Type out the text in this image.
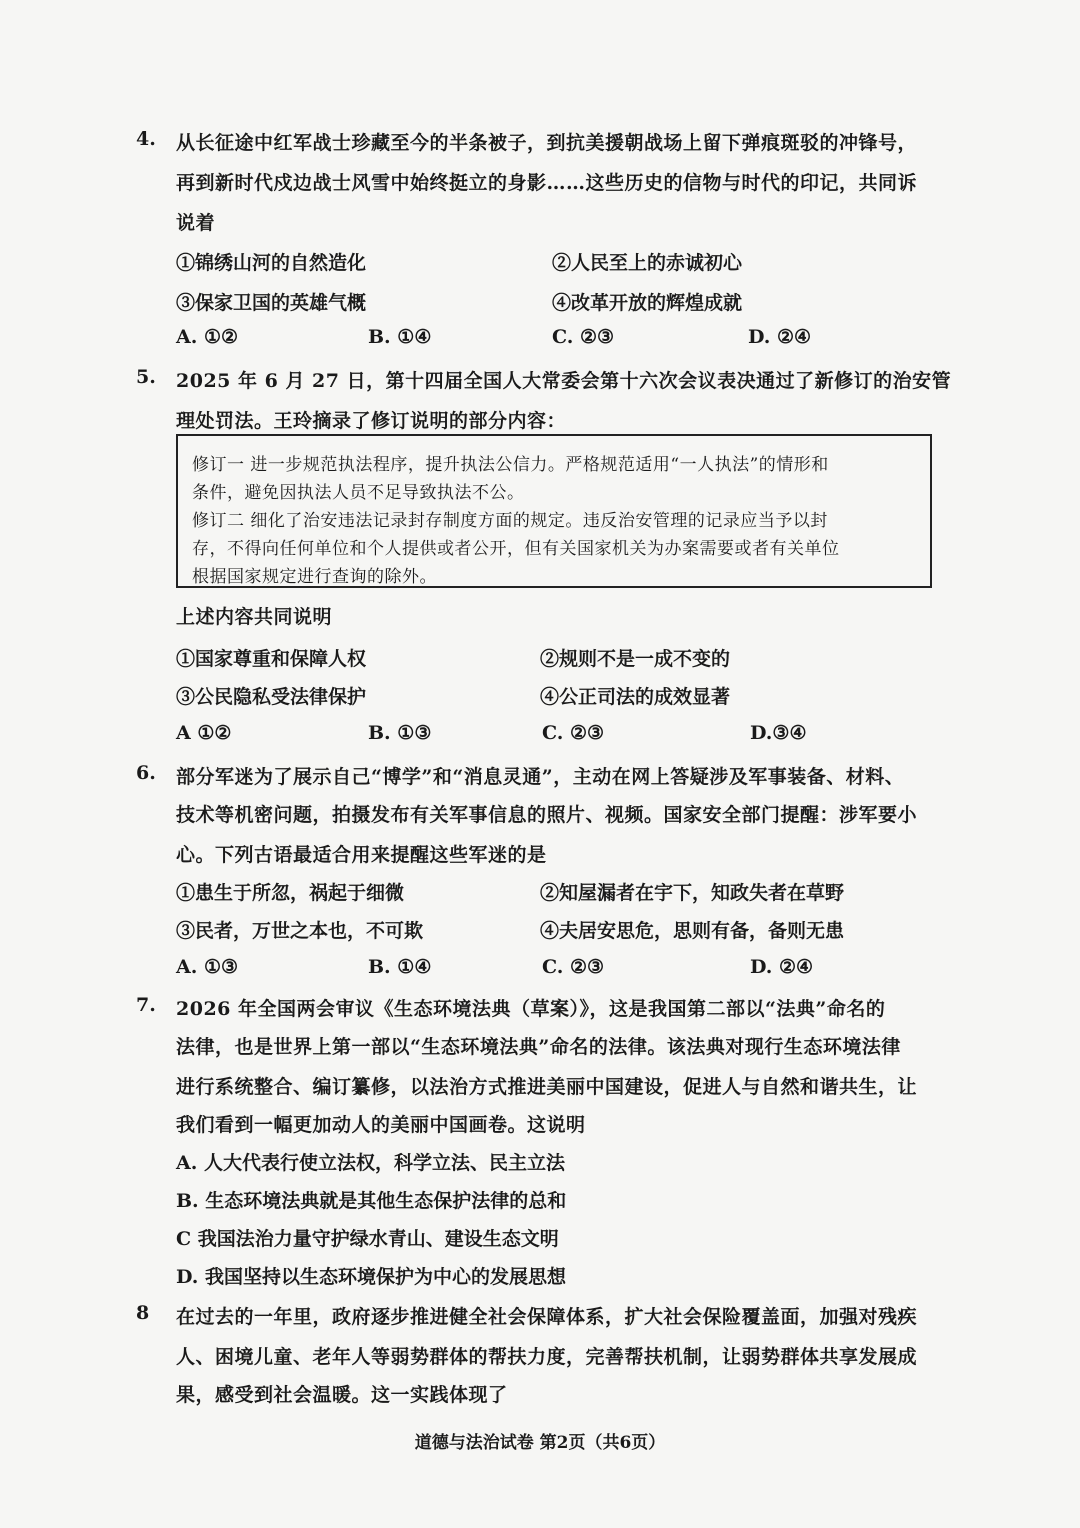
4. 从长征途中红军战士珍藏至今的半条被子，到抗美援朝战场上留下弹痕斑驳的冲锋号，
再到新时代戍边战士风雪中始终挺立的身影……这些历史的信物与时代的印记，共同诉
说着
①锦绣山河的自然造化	②人民至上的赤诚初心
③保家卫国的英雄气概	④改革开放的辉煌成就
A. ①②	B. ①④	C. ②③	D. ②④
5. 2025 年 6 月 27 日，第十四届全国人大常委会第十六次会议表决通过了新修订的治安管
理处罚法。王玲摘录了修订说明的部分内容：
修订一 进一步规范执法程序，提升执法公信力。严格规范适用“一人执法”的情形和
条件，避免因执法人员不足导致执法不公。
修订二 细化了治安违法记录封存制度方面的规定。违反治安管理的记录应当予以封
存，不得向任何单位和个人提供或者公开，但有关国家机关为办案需要或者有关单位
根据国家规定进行查询的除外。
上述内容共同说明
①国家尊重和保障人权	②规则不是一成不变的
③公民隐私受法律保护	④公正司法的成效显著
A ①②	B. ①③	C. ②③	D.③④
6. 部分军迷为了展示自己“博学”和“消息灵通”，主动在网上答疑涉及军事装备、材料、
技术等机密问题，拍摄发布有关军事信息的照片、视频。国家安全部门提醒：涉军要小
心。下列古语最适合用来提醒这些军迷的是
①患生于所忽，祸起于细微	②知屋漏者在宇下，知政失者在草野
③民者，万世之本也，不可欺	④夫居安思危，思则有备，备则无患
A. ①③	B. ①④	C. ②③	D. ②④
7. 2026 年全国两会审议《生态环境法典（草案）》，这是我国第二部以“法典”命名的
法律，也是世界上第一部以“生态环境法典”命名的法律。该法典对现行生态环境法律
进行系统整合、编订纂修，以法治方式推进美丽中国建设，促进人与自然和谐共生，让
我们看到一幅更加动人的美丽中国画卷。这说明
A. 人大代表行使立法权，科学立法、民主立法
B. 生态环境法典就是其他生态保护法律的总和
C 我国法治力量守护绿水青山、建设生态文明
D. 我国坚持以生态环境保护为中心的发展思想
8 在过去的一年里，政府逐步推进健全社会保障体系，扩大社会保险覆盖面，加强对残疾
人、困境儿童、老年人等弱势群体的帮扶力度，完善帮扶机制，让弱势群体共享发展成
果，感受到社会温暖。这一实践体现了
道德与法治试卷 第2页（共6页）
